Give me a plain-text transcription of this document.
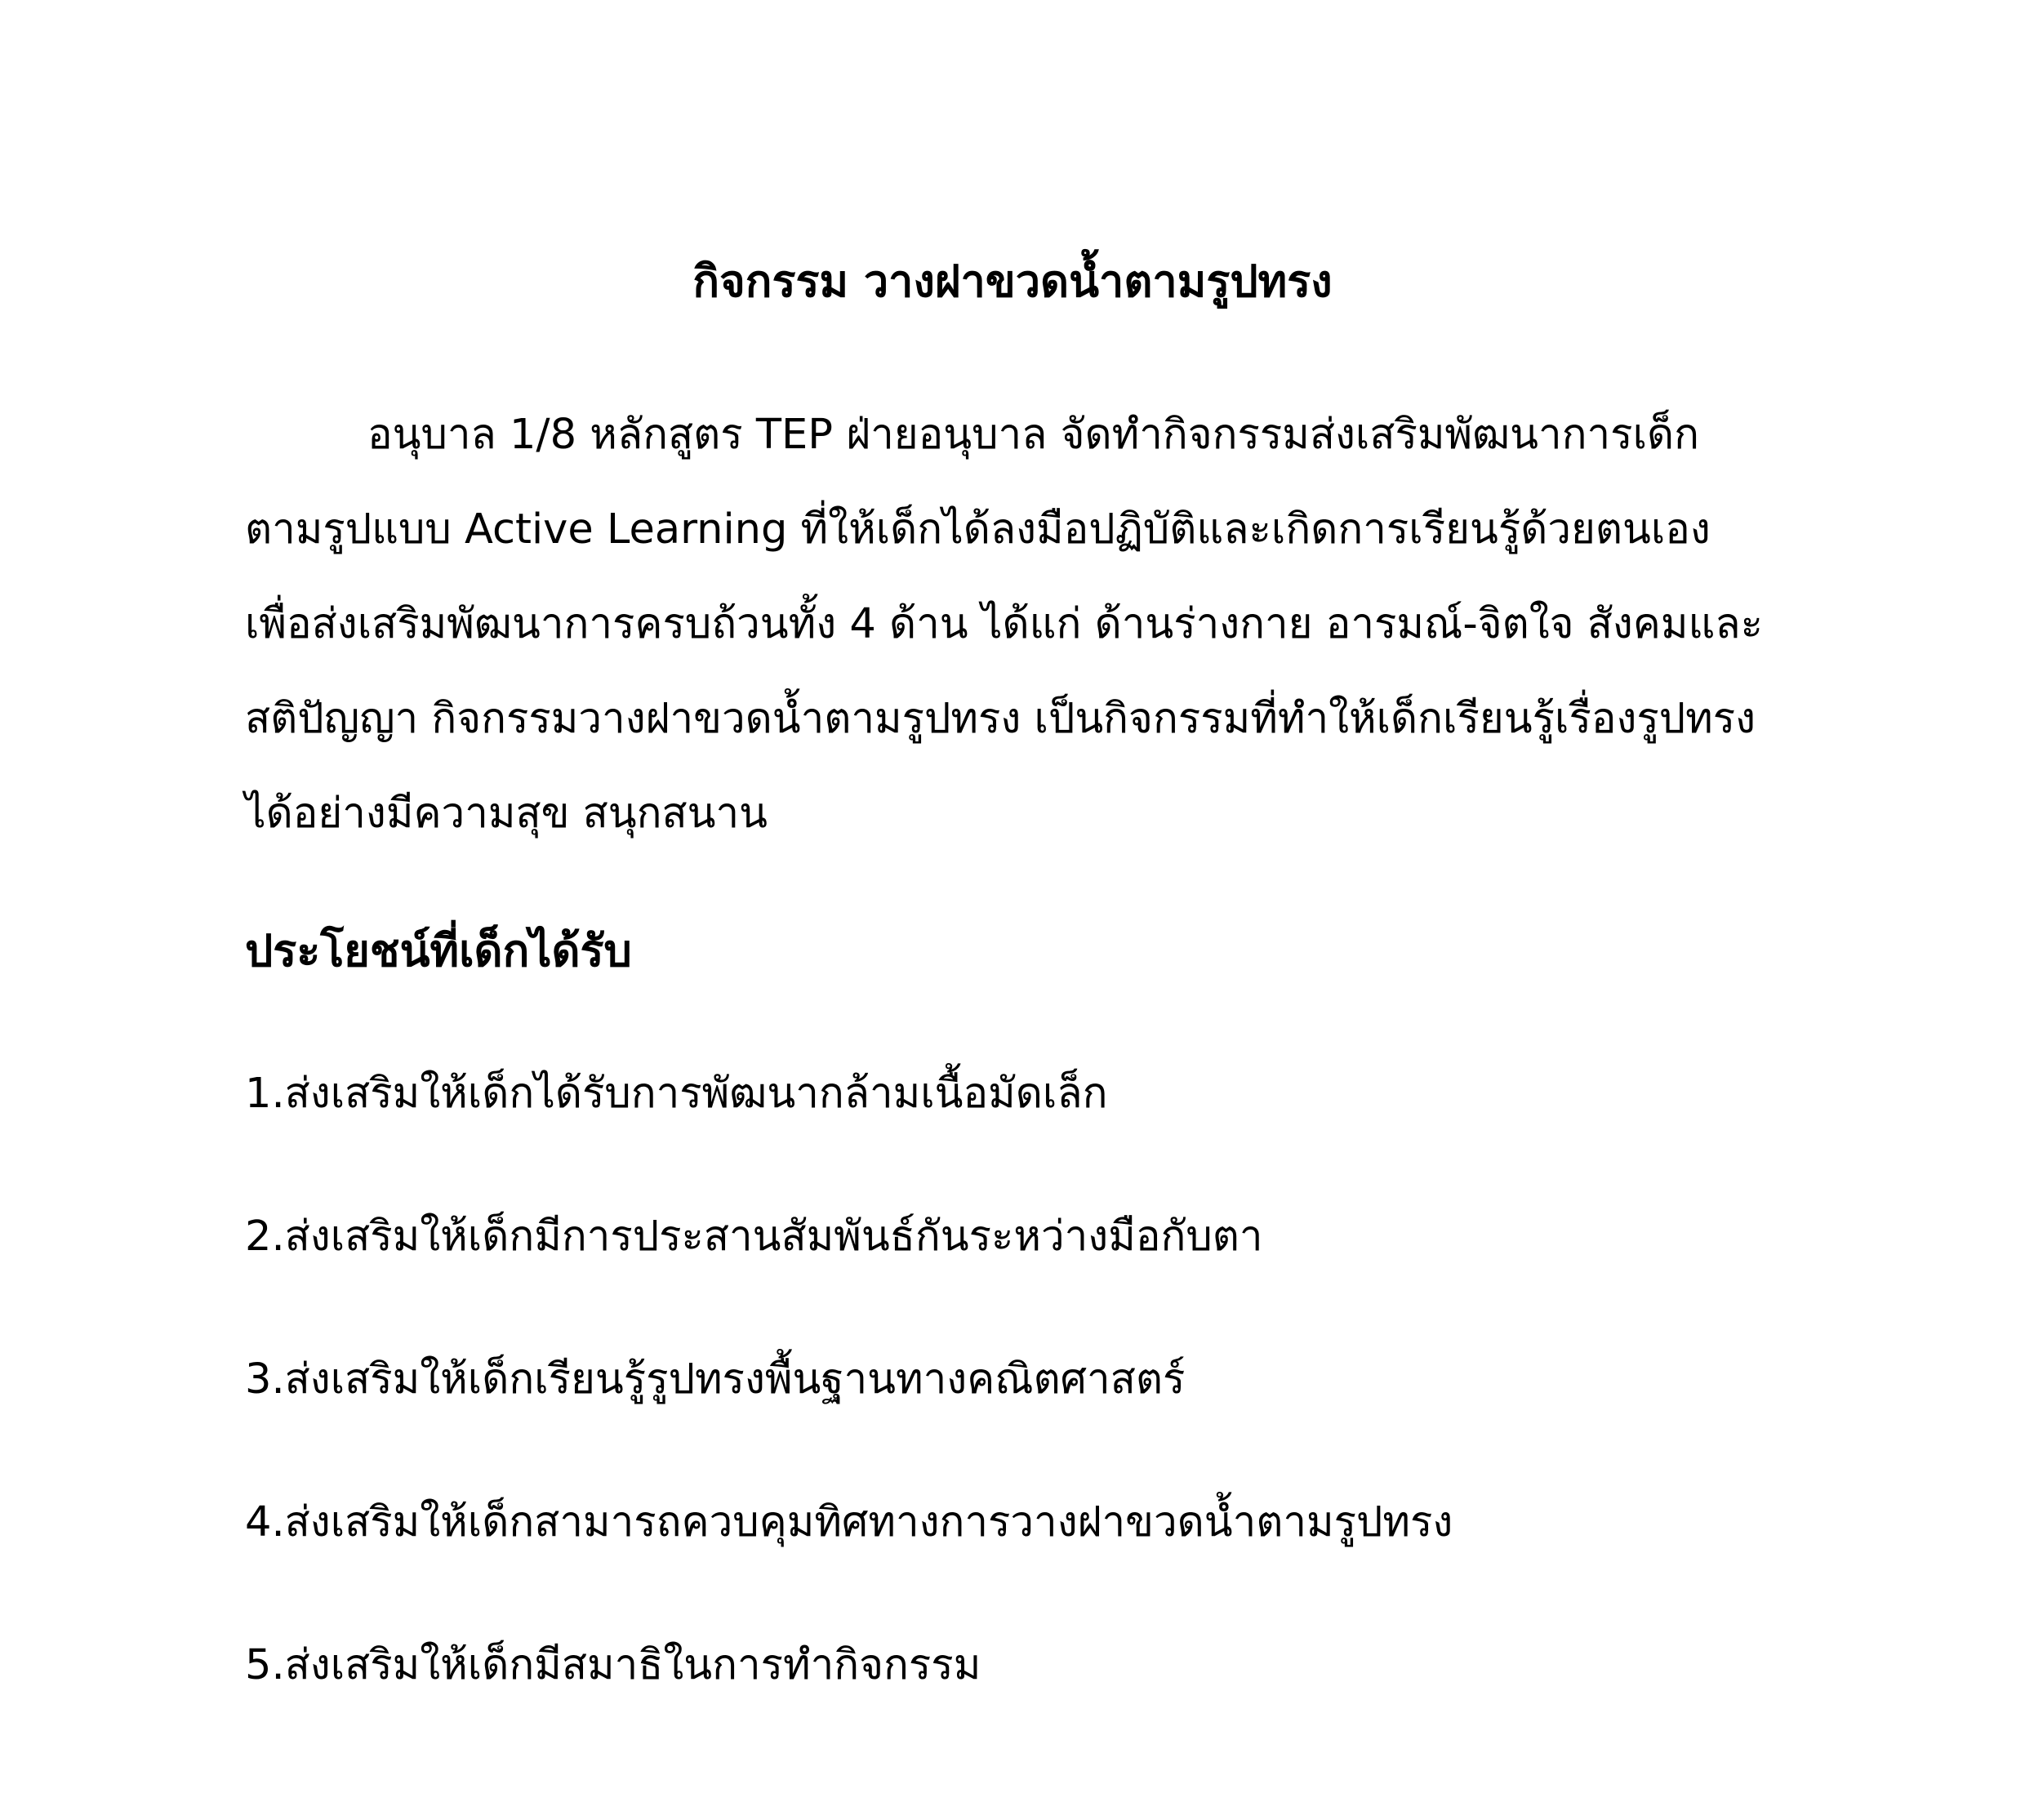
กิจกรรม วางฝาขวดน้ำตามรูปทรง
อนุบาล 1/8 หลักสูตร TEP ฝ่ายอนุบาล จัดทำกิจกรรมส่งเสริมพัฒนาการเด็ก
ตามรูปแบบ Active Learning ที่ให้เด็กได้ลงมือปฏิบัติและเกิดการเรียนรู้ด้วยตนเอง
เพื่อส่งเสริมพัฒนาการครบถ้วนทั้ง 4 ด้าน ได้แก่ ด้านร่างกาย อารมณ์-จิตใจ สังคมและ
สติปัญญา กิจกรรมวางฝาขวดน้ำตามรูปทรง เป็นกิจกรรมที่ทำให้เด็กเรียนรู้เรื่องรูปทรง
ได้อย่างมีความสุข สนุกสนาน
ประโยชน์ที่เด็กได้รับ
1.ส่งเสริมให้เด็กได้รับการพัฒนากล้ามเนื้อมัดเล็ก
2.ส่งเสริมให้เด็กมีการประสานสัมพันธ์กันระหว่างมือกับตา
3.ส่งเสริมให้เด็กเรียนรู้รูปทรงพื้นฐานทางคณิตศาสตร์
4.ส่งเสริมให้เด็กสามารถควบคุมทิศทางการวางฝาขวดน้ำตามรูปทรง
5.ส่งเสริมให้เด็กมีสมาธิในการทำกิจกรรม
